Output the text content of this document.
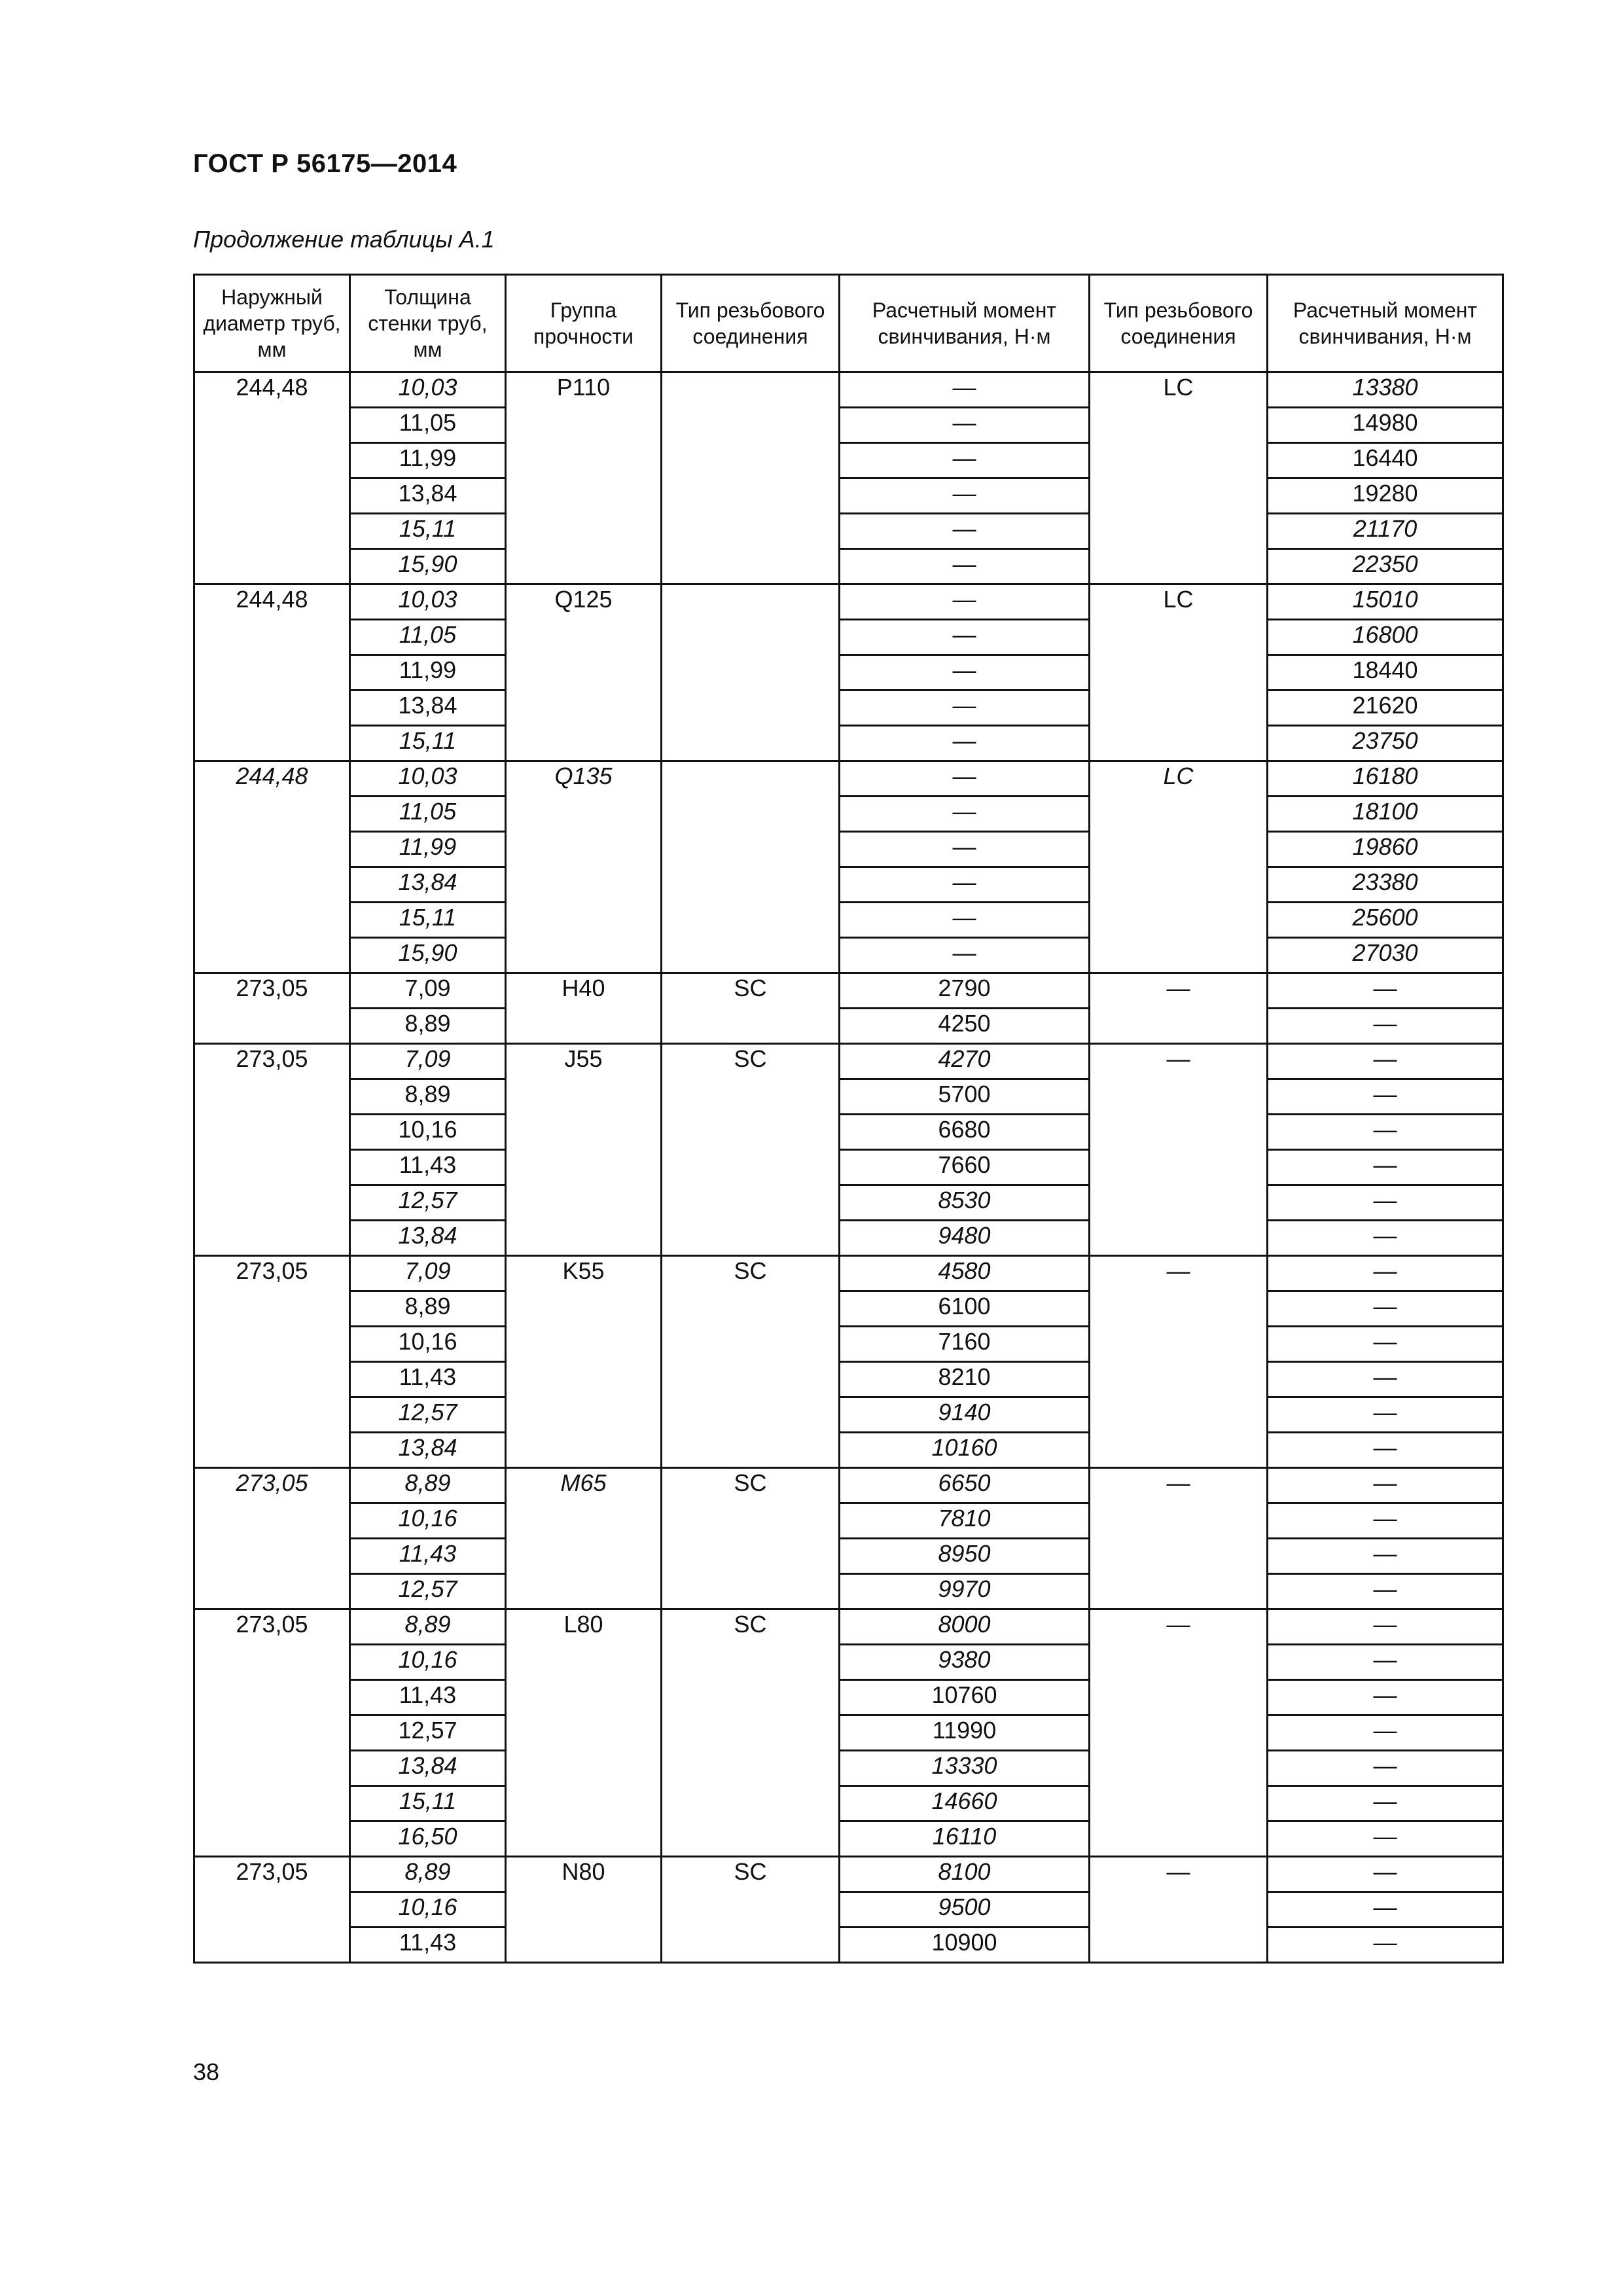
ГОСТ Р 56175—2014
Продолжение таблицы А.1
Наружный диаметр труб, мм	Толщина стенки труб, мм	Группа прочности	Тип резьбового соединения	Расчетный момент свинчивания, Н·м	Тип резьбового соединения	Расчетный момент свинчивания, Н·м
244,48	10,03	P110		—	LC	13380
	11,05			—		14980
	11,99			—		16440
	13,84			—		19280
	15,11			—		21170
	15,90			—		22350
244,48	10,03	Q125		—	LC	15010
	11,05			—		16800
	11,99			—		18440
	13,84			—		21620
	15,11			—		23750
244,48	10,03	Q135		—	LC	16180
	11,05			—		18100
	11,99			—		19860
	13,84			—		23380
	15,11			—		25600
	15,90			—		27030
273,05	7,09	H40	SC	2790	—	—
	8,89			4250		—
273,05	7,09	J55	SC	4270	—	—
	8,89			5700		—
	10,16			6680		—
	11,43			7660		—
	12,57			8530		—
	13,84			9480		—
273,05	7,09	K55	SC	4580	—	—
	8,89			6100		—
	10,16			7160		—
	11,43			8210		—
	12,57			9140		—
	13,84			10160		—
273,05	8,89	M65	SC	6650	—	—
	10,16			7810		—
	11,43			8950		—
	12,57			9970		—
273,05	8,89	L80	SC	8000	—	—
	10,16			9380		—
	11,43			10760		—
	12,57			11990		—
	13,84			13330		—
	15,11			14660		—
	16,50			16110		—
273,05	8,89	N80	SC	8100	—	—
	10,16			9500		—
	11,43			10900		—
38
